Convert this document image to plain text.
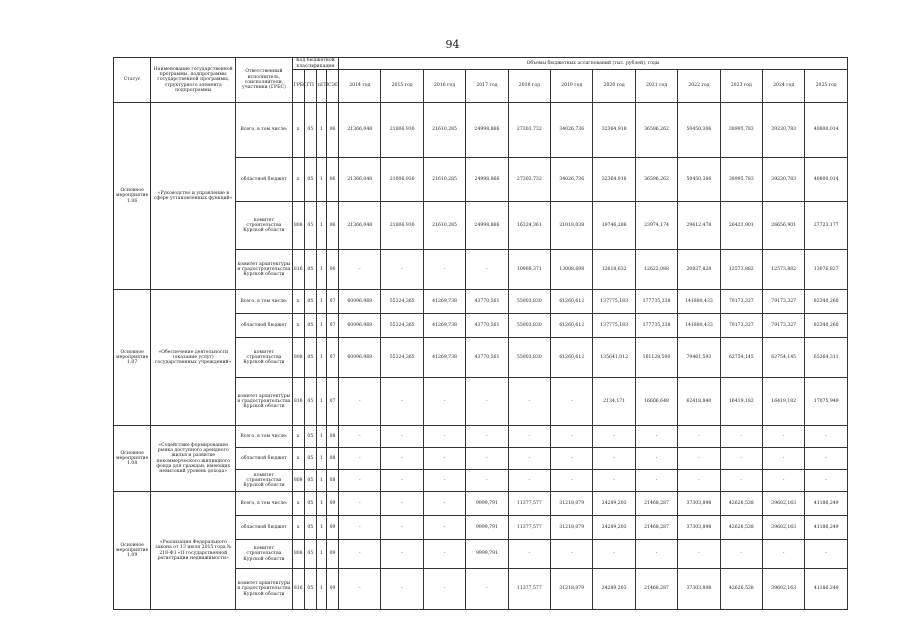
94
Статус	Наименование государственной программы, подпрограммы государственной программы, структурного элемента подпрограммы	Ответственный исполнитель, соисполнители, участники (ГРБС)	Код бюджетной классификации				Объемы бюджетных ассигнований (тыс. рублей), годы											
			ГРБС	ГП	пГП	СЭП	2014 год	2015 год	2016 год	2017 год	2018 год	2019 год	2020 год	2021 год	2022 год	2023 год	2024 год	2025 год
Основное мероприятие 1.06	«Руководство и управление в сфере установленных функций»	Всего, в том числе:	х	05	1	06	21366,048	21006,930	21610,285	24998,866	27303,732	34026,736	32364,918	36596,262	50450,306	38995,783	39230,783	40800,014
		областной бюджет	х	05	1	06	21366,048	21006,930	21610,285	24998,866	27303,732	34026,736	32364,918	36596,262	50450,306	38995,783	39230,783	40800,014
		комитет строительства Курской области	808	05	1	06	21366,048	21006,930	21610,285	24998,866	16324,361	21018,038	19746,286	23974,174	29612,478	26421,901	26656,901	27723,177
		комитет архитектуры и градостроительства Курской области	816	05	1	06	-	-	-	-	10969,371	13008,698	12618,632	12622,088	20837,828	12573,882	12573,882	13076,837
Основное мероприятие 1.07	«Обеспечение деятельности (оказание услуг) государственных учреждений»	Всего, в том числе:	х	05	1	07	60096,969	55324,365	41269,738	43770,561	55003,830	61260,612	137775,183	177735,238	141880,433	79173,327	79173,327	82340,260
		областной бюджет	х	05	1	07	60096,969	55324,365	41269,738	43770,561	55003,830	61260,612	137775,183	177735,238	141880,433	79173,327	79173,327	82340,260
		комитет строительства Курской области	808	05	1	07	60096,969	55324,365	41269,738	43770,561	55003,830	61260,612	135641,012	161128,590	79461,593	62754,145	62754,145	65264,311
		комитет архитектуры и градостроительства Курской области	816	05	1	07	-	-	-	-	-	-	2134,171	16606,648	62418,840	16419,182	16419,182	17075,949
Основное мероприятие 1.08	«Содействие формированию рынка доступного арендного жилья и развитие некоммерческого жилищного фонда для граждан, имеющих невысокий уровень дохода»	Всего, в том числе:	х	05	1	08	-	-	-	-	-	-	-	-	-	-	-	-
		областной бюджет	х	05	1	08	-	-	-	-	-	-	-	-	-	-	-	-
		комитет строительства Курской области	808	05	1	08	-	-	-	-	-	-	-	-	-	-	-	-
Основное мероприятие 1.09	«Реализация Федерального закона от 13 июля 2015 года № 218-ФЗ «О государственной регистрации недвижимости»	Всего, в том числе:	х	05	1	09	-	-	-	9999,791	11377,577	31218,079	24289,203	21468,287	37303,898	42626,538	39602,163	41186,249
		областной бюджет	х	05	1	09	-	-	-	9999,791	11377,577	31218,079	24289,203	21468,287	37303,898	42626,538	39602,163	41186,249
		комитет строительства Курской области	808	05	1	09	-	-	-	9999,791	-	-	-	-	-	-	-	-
		комитет архитектуры и градостроительства Курской области	816	05	1	09	-	-	-	-	11377,577	31218,079	24289,203	21468,287	37303,898	42626,538	39602,163	41186,249
